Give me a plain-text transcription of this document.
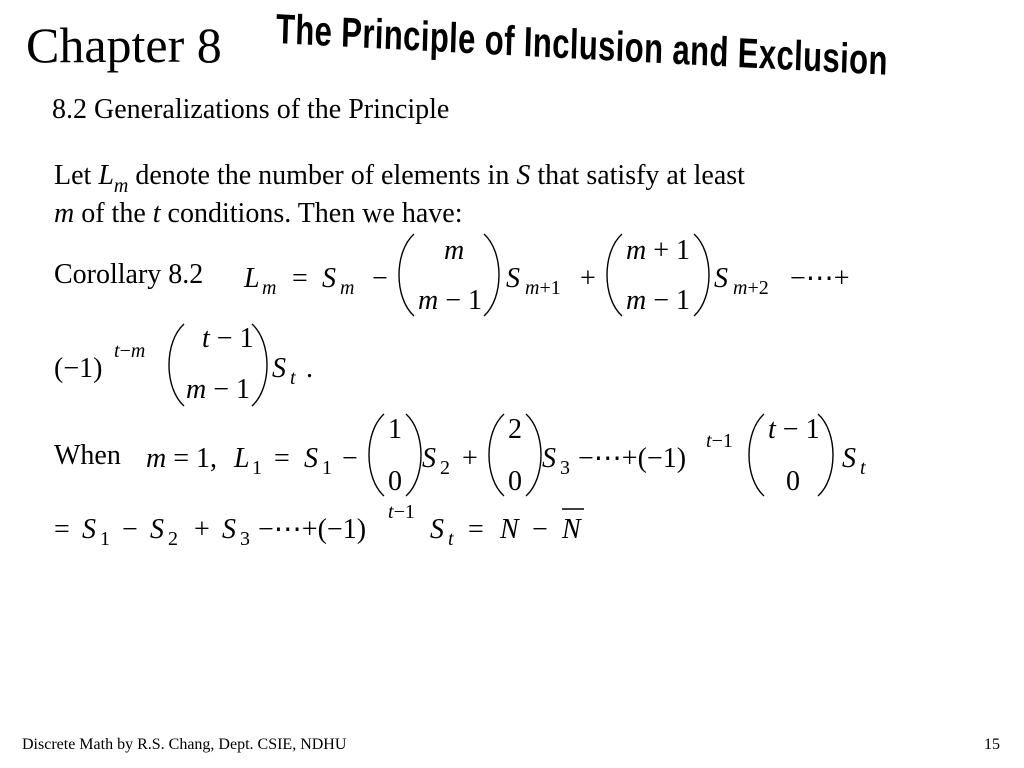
Chapter 8 The Principle of Inclusion and Exclusion
8.2 Generalizations of the Principle
Let $L_m$ denote the number of elements in S that satisfy at least
m of the t conditions. Then we have:
Corollary 8.2
When
L m = S m −
m
m − 1
S m+1 +
m + 1
m − 1
S m+2 −⋯+
(−1)
t−m t − 1
m − 1
S t .
m = 1, L 1 = S 1 −
1
0
S 2 +
2
0
S 3 −⋯+(−1)
t−1 t − 1
0
S t
= S 1 − S 2 + S 3 −⋯+(−1)
t−1
S t = N − N
Discrete Math by R.S. Chang, Dept. CSIE, NDHU	15
